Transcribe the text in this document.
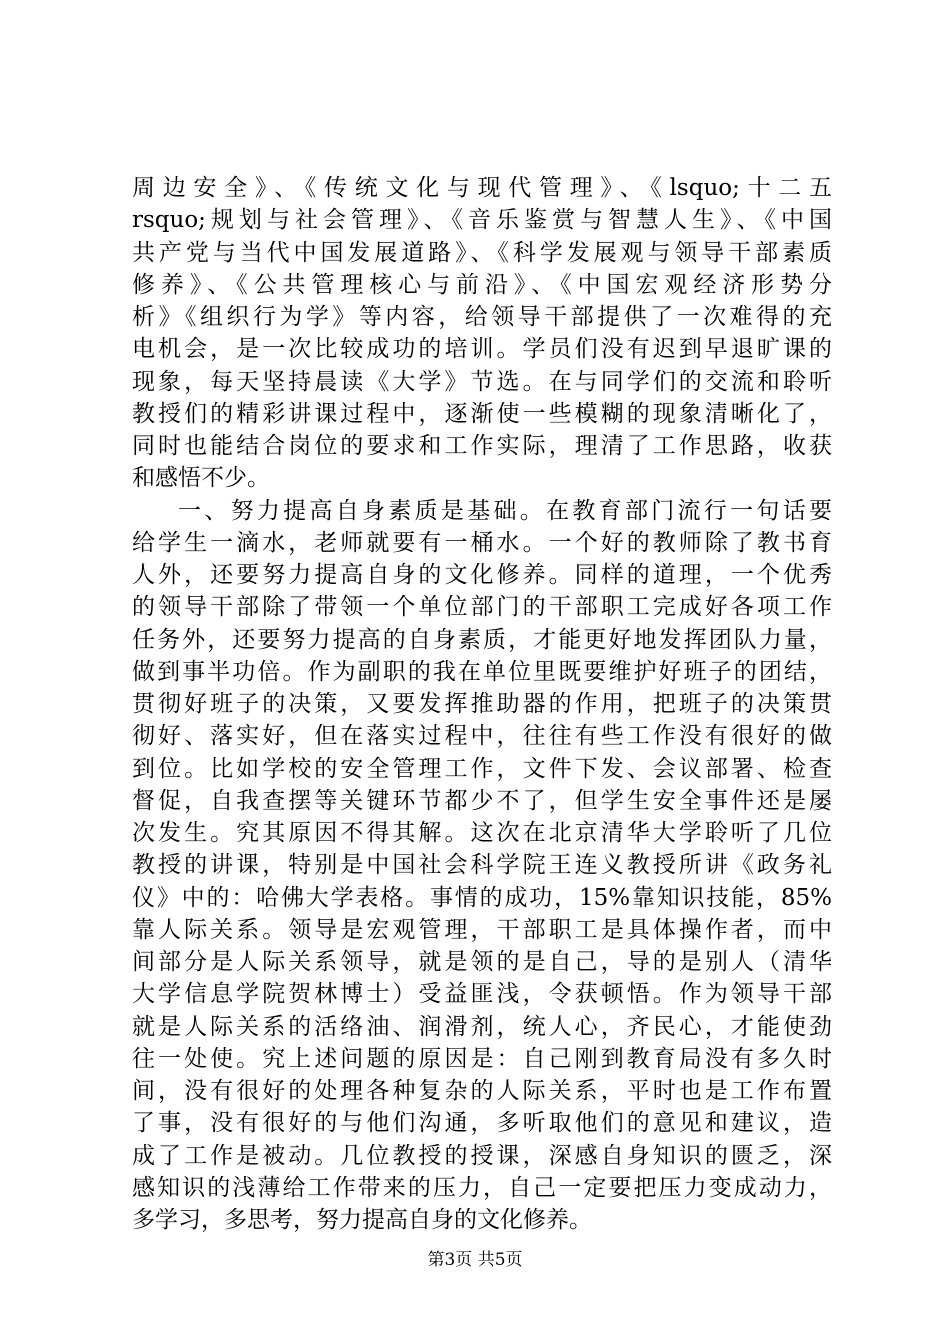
周边安全》、《传统文化与现代管理》、《lsquo;十二五
rsquo;规划与社会管理》、《音乐鉴赏与智慧人生》、《中国
共产党与当代中国发展道路》、《科学发展观与领导干部素质
修养》、《公共管理核心与前沿》、《中国宏观经济形势分
析》《组织行为学》等内容，给领导干部提供了一次难得的充
电机会，是一次比较成功的培训。学员们没有迟到早退旷课的
现象，每天坚持晨读《大学》节选。在与同学们的交流和聆听
教授们的精彩讲课过程中，逐渐使一些模糊的现象清晰化了，
同时也能结合岗位的要求和工作实际，理清了工作思路，收获
和感悟不少。
一、努力提高自身素质是基础。在教育部门流行一句话要
给学生一滴水，老师就要有一桶水。一个好的教师除了教书育
人外，还要努力提高自身的文化修养。同样的道理，一个优秀
的领导干部除了带领一个单位部门的干部职工完成好各项工作
任务外，还要努力提高的自身素质，才能更好地发挥团队力量，
做到事半功倍。作为副职的我在单位里既要维护好班子的团结，
贯彻好班子的决策，又要发挥推助器的作用，把班子的决策贯
彻好、落实好，但在落实过程中，往往有些工作没有很好的做
到位。比如学校的安全管理工作，文件下发、会议部署、检查
督促，自我查摆等关键环节都少不了，但学生安全事件还是屡
次发生。究其原因不得其解。这次在北京清华大学聆听了几位
教授的讲课，特别是中国社会科学院王连义教授所讲《政务礼
仪》中的：哈佛大学表格。事情的成功，15%靠知识技能，85%
靠人际关系。领导是宏观管理，干部职工是具体操作者，而中
间部分是人际关系领导，就是领的是自己，导的是别人（清华
大学信息学院贺林博士）受益匪浅，令获顿悟。作为领导干部
就是人际关系的活络油、润滑剂，统人心，齐民心，才能使劲
往一处使。究上述问题的原因是：自己刚到教育局没有多久时
间，没有很好的处理各种复杂的人际关系，平时也是工作布置
了事，没有很好的与他们沟通，多听取他们的意见和建议，造
成了工作是被动。几位教授的授课，深感自身知识的匮乏，深
感知识的浅薄给工作带来的压力，自己一定要把压力变成动力，
多学习，多思考，努力提高自身的文化修养。
第3页 共5页
